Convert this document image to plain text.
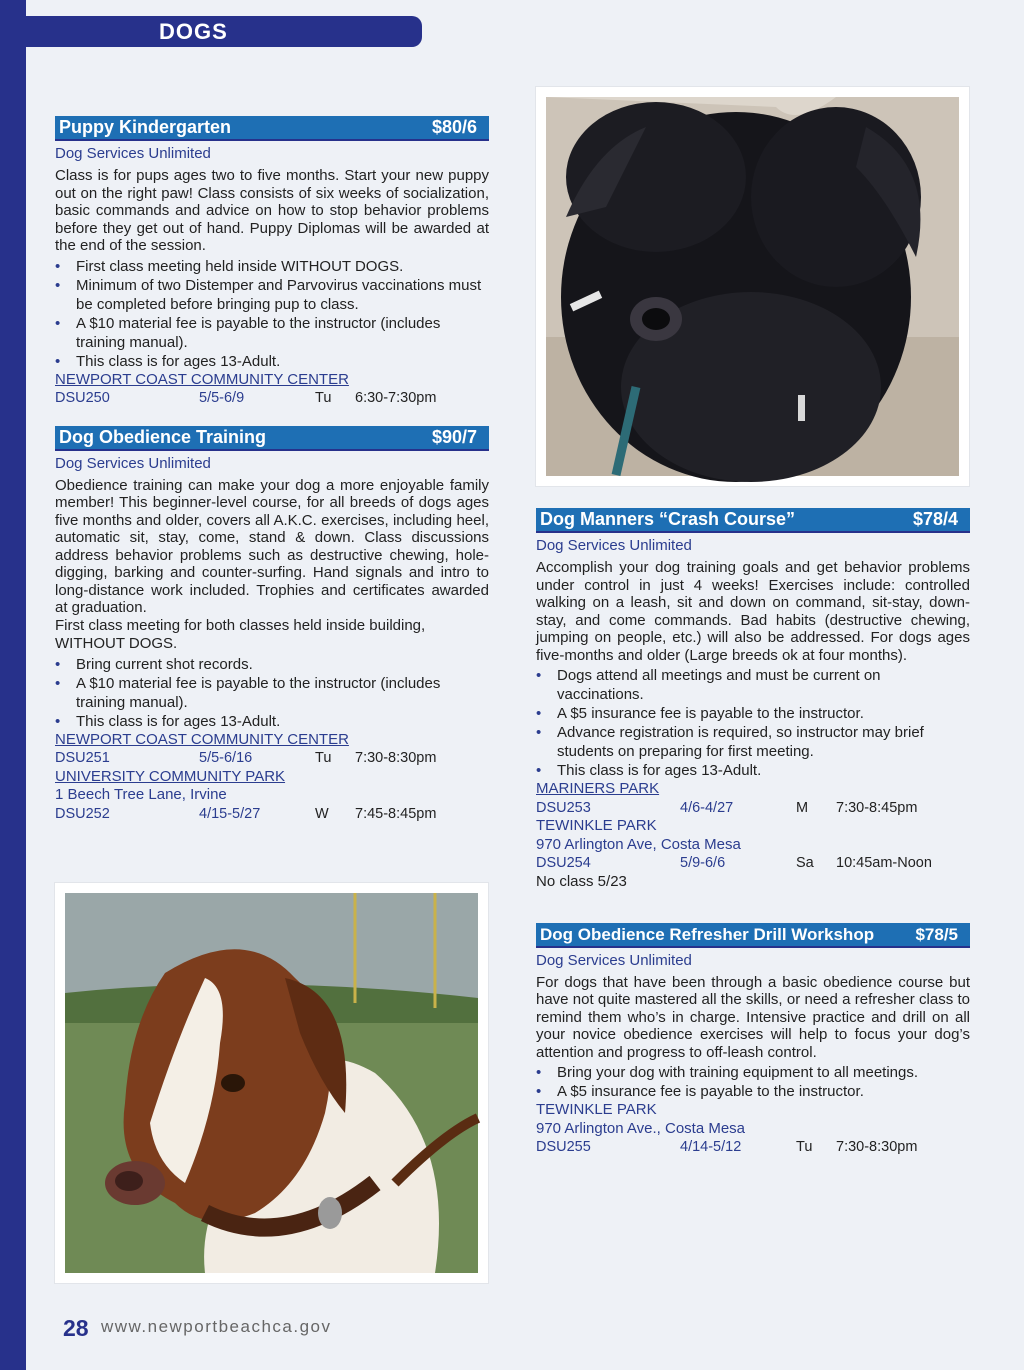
DOGS
Puppy Kindergarten	$80/6
Dog Services Unlimited

Class is for pups ages two to five months. Start your new puppy out on the right paw! Class consists of six weeks of socialization, basic commands and advice on how to stop behavior problems before they get out of hand. Puppy Diplomas will be awarded at the end of the session.

• First class meeting held inside WITHOUT DOGS.
• Minimum of two Distemper and Parvovirus vaccinations must be completed before bringing pup to class.
• A $10 material fee is payable to the instructor (includes training manual).
• This class is for ages 13-Adult.
NEWPORT COAST COMMUNITY CENTER
DSU250	5/5-6/9	Tu	6:30-7:30pm
Dog Obedience Training	$90/7
Dog Services Unlimited

Obedience training can make your dog a more enjoyable family member! This beginner-level course, for all breeds of dogs ages five months and older, covers all A.K.C. exercises, including heel, automatic sit, stay, come, stand & down. Class discussions address behavior problems such as destructive chewing, hole-digging, barking and counter-surfing. Hand signals and intro to long-distance work included. Trophies and certificates awarded at graduation.

First class meeting for both classes held inside building, WITHOUT DOGS.
• Bring current shot records.
• A $10 material fee is payable to the instructor (includes training manual).
• This class is for ages 13-Adult.
NEWPORT COAST COMMUNITY CENTER
DSU251	5/5-6/16	Tu	7:30-8:30pm
UNIVERSITY COMMUNITY PARK
1 Beech Tree Lane, Irvine
DSU252	4/15-5/27	W	7:45-8:45pm
Dog Manners “Crash Course”	$78/4
Dog Services Unlimited

Accomplish your dog training goals and get behavior problems under control in just 4 weeks! Exercises include: controlled walking on a leash, sit and down on command, sit-stay, down-stay, and come commands. Bad habits (destructive chewing, jumping on people, etc.) will also be addressed. For dogs ages five-months and older (Large breeds ok at four months).

• Dogs attend all meetings and must be current on vaccinations.
• A $5 insurance fee is payable to the instructor.
• Advance registration is required, so instructor may brief students on preparing for first meeting.
• This class is for ages 13-Adult.
MARINERS PARK
DSU253	4/6-4/27	M	7:30-8:45pm
TEWINKLE PARK
970 Arlington Ave, Costa Mesa
DSU254	5/9-6/6	Sa	10:45am-Noon
No class 5/23
Dog Obedience Refresher Drill Workshop $78/5
Dog Services Unlimited

For dogs that have been through a basic obedience course but have not quite mastered all the skills, or need a refresher class to remind them who’s in charge. Intensive practice and drill on all your novice obedience exercises will help to focus your dog’s attention and progress to off-leash control.

• Bring your dog with training equipment to all meetings.
• A $5 insurance fee is payable to the instructor.
TEWINKLE PARK
970 Arlington Ave., Costa Mesa
DSU255	4/14-5/12	Tu	7:30-8:30pm
28 www.newportbeachca.gov
